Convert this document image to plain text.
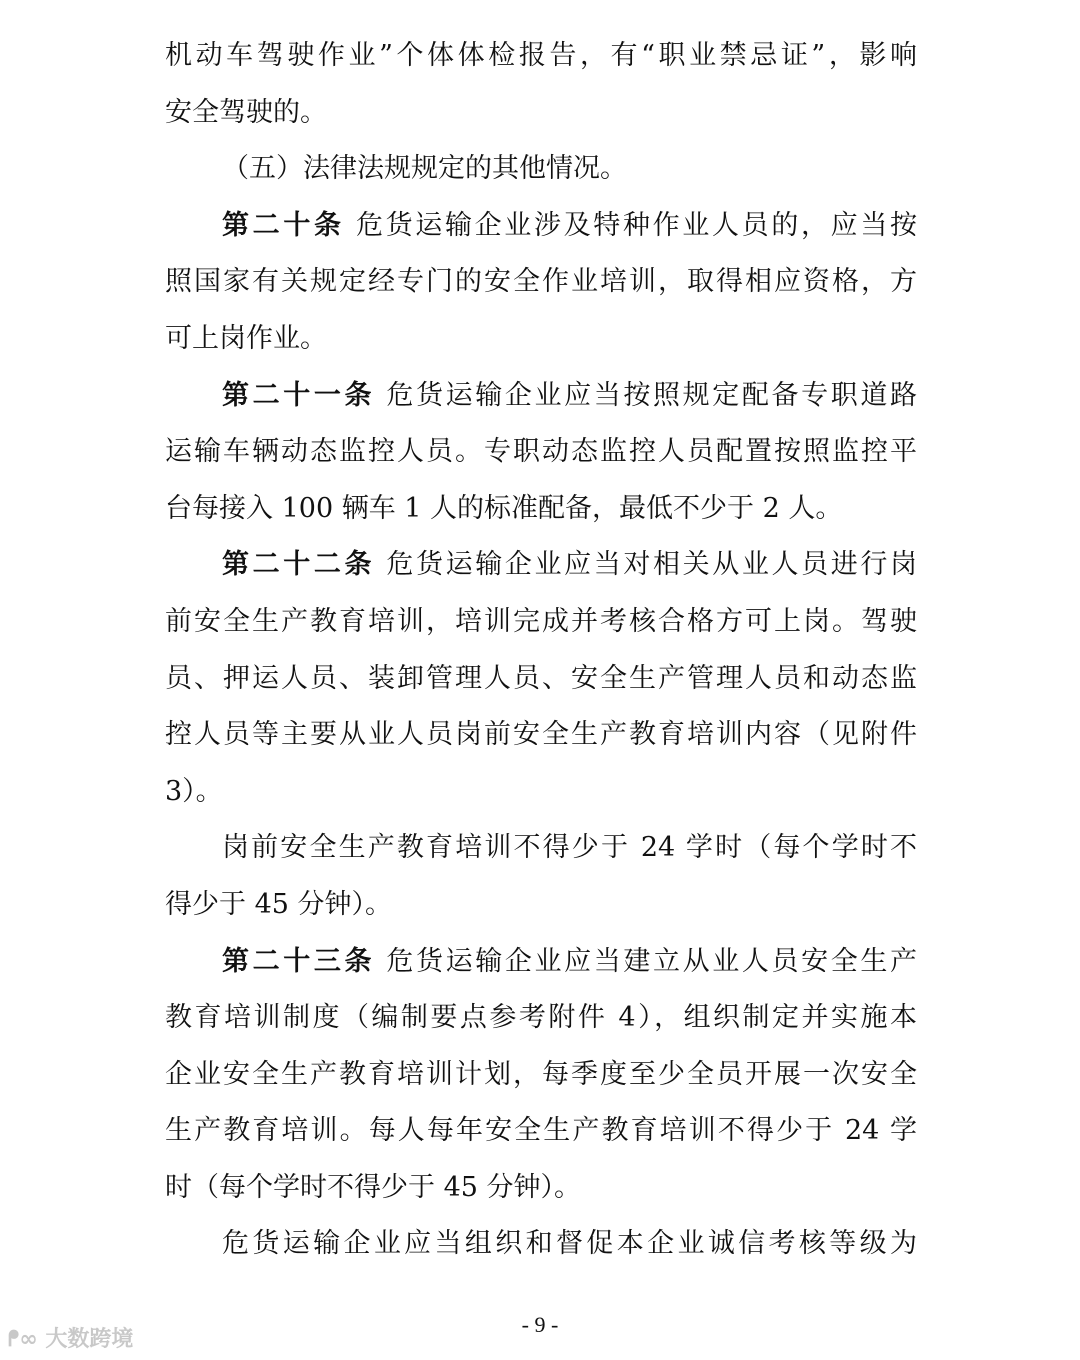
机动车驾驶作业”个体体检报告，有“职业禁忌证”，影响
安全驾驶的。
（五）法律法规规定的其他情况。
第二十条 危货运输企业涉及特种作业人员的，应当按
照国家有关规定经专门的安全作业培训，取得相应资格，方
可上岗作业。
第二十一条 危货运输企业应当按照规定配备专职道路
运输车辆动态监控人员。专职动态监控人员配置按照监控平
台每接入 100 辆车 1 人的标准配备，最低不少于 2 人。
第二十二条 危货运输企业应当对相关从业人员进行岗
前安全生产教育培训，培训完成并考核合格方可上岗。驾驶
员、押运人员、装卸管理人员、安全生产管理人员和动态监
控人员等主要从业人员岗前安全生产教育培训内容（见附件
3）。
岗前安全生产教育培训不得少于 24 学时（每个学时不
得少于 45 分钟）。
第二十三条 危货运输企业应当建立从业人员安全生产
教育培训制度（编制要点参考附件 4），组织制定并实施本
企业安全生产教育培训计划，每季度至少全员开展一次安全
生产教育培训。每人每年安全生产教育培训不得少于 24 学
时（每个学时不得少于 45 分钟）。
危货运输企业应当组织和督促本企业诚信考核等级为
- 9 -
ᖰ∞ 大数跨境
